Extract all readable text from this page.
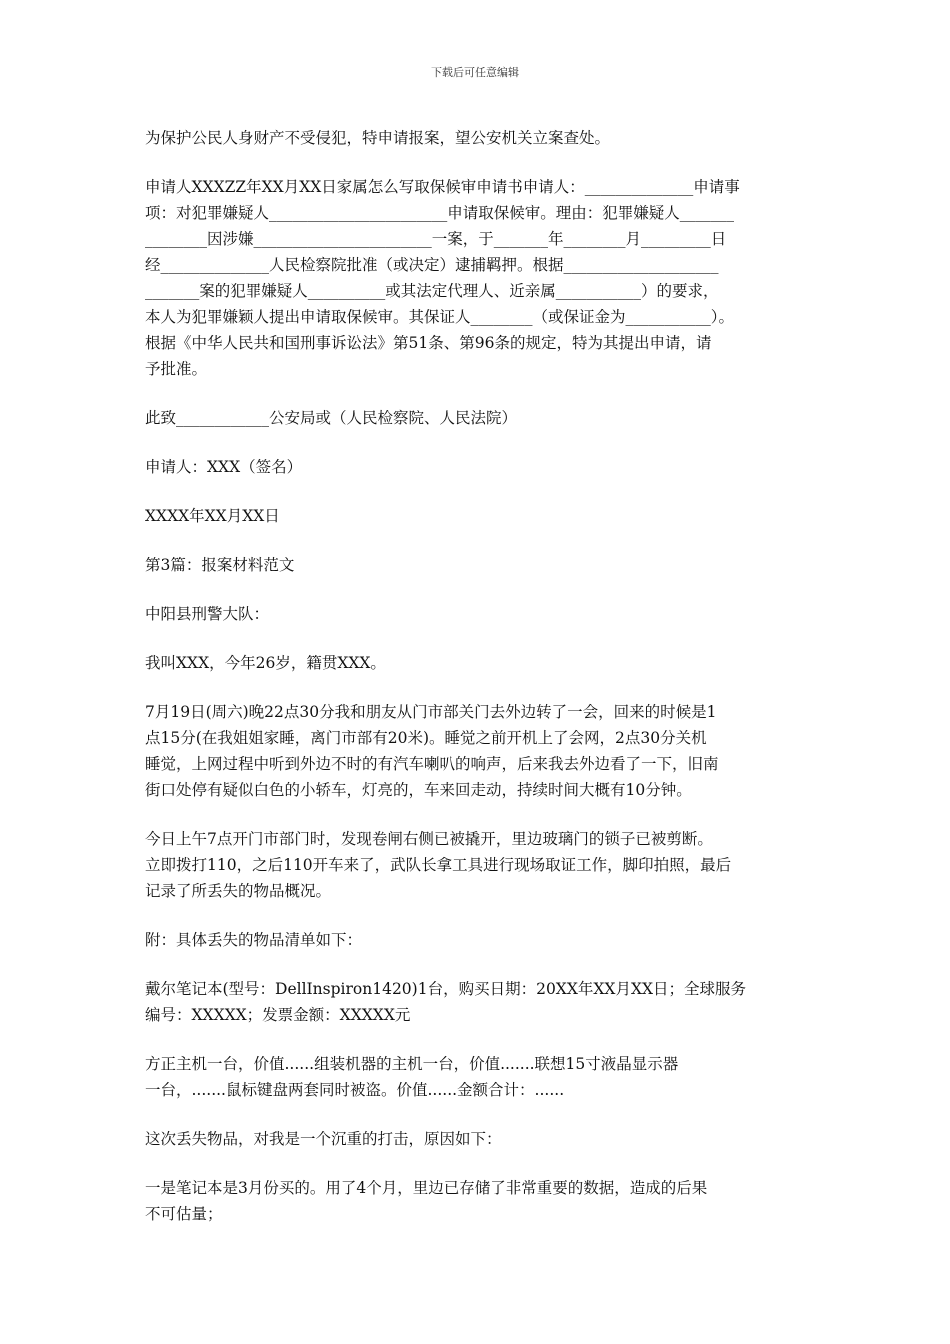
下载后可任意编辑
为保护公民人身财产不受侵犯，特申请报案，望公安机关立案查处。
申请人XXXZZ年XX月XX日家属怎么写取保候审申请书申请人：______________申请事
项：对犯罪嫌疑人_______________________申请取保候审。理由：犯罪嫌疑人_______
________因涉嫌_______________________一案，于_______年________月_________日
经______________人民检察院批准（或决定）逮捕羁押。根据____________________
_______案的犯罪嫌疑人__________或其法定代理人、近亲属___________）的要求，
本人为犯罪嫌颖人提出申请取保候审。其保证人________（或保证金为___________）。
根据《中华人民共和国刑事诉讼法》第51条、第96条的规定，特为其提出申请，请
予批准。
此致____________公安局或（人民检察院、人民法院）
申请人：XXX（签名）
XXXX年XX月XX日
第3篇：报案材料范文
中阳县刑警大队：
我叫XXX，今年26岁，籍贯XXX。
7月19日(周六)晚22点30分我和朋友从门市部关门去外边转了一会，回来的时候是1
点15分(在我姐姐家睡，离门市部有20米)。睡觉之前开机上了会网，2点30分关机
睡觉，上网过程中听到外边不时的有汽车喇叭的响声，后来我去外边看了一下，旧南
街口处停有疑似白色的小轿车，灯亮的，车来回走动，持续时间大概有10分钟。
今日上午7点开门市部门时，发现卷闸右侧已被撬开，里边玻璃门的锁子已被剪断。
立即拨打110，之后110开车来了，武队长拿工具进行现场取证工作，脚印拍照，最后
记录了所丢失的物品概况。
附：具体丢失的物品清单如下：
戴尔笔记本(型号：DellInspiron1420)1台，购买日期：20XX年XX月XX日；全球服务
编号：XXXXX；发票金额：XXXXX元
方正主机一台，价值......组装机器的主机一台，价值.......联想15寸液晶显示器
一台，.......鼠标键盘两套同时被盗。价值......金额合计：......
这次丢失物品，对我是一个沉重的打击，原因如下：
一是笔记本是3月份买的。用了4个月，里边已存储了非常重要的数据，造成的后果
不可估量；
